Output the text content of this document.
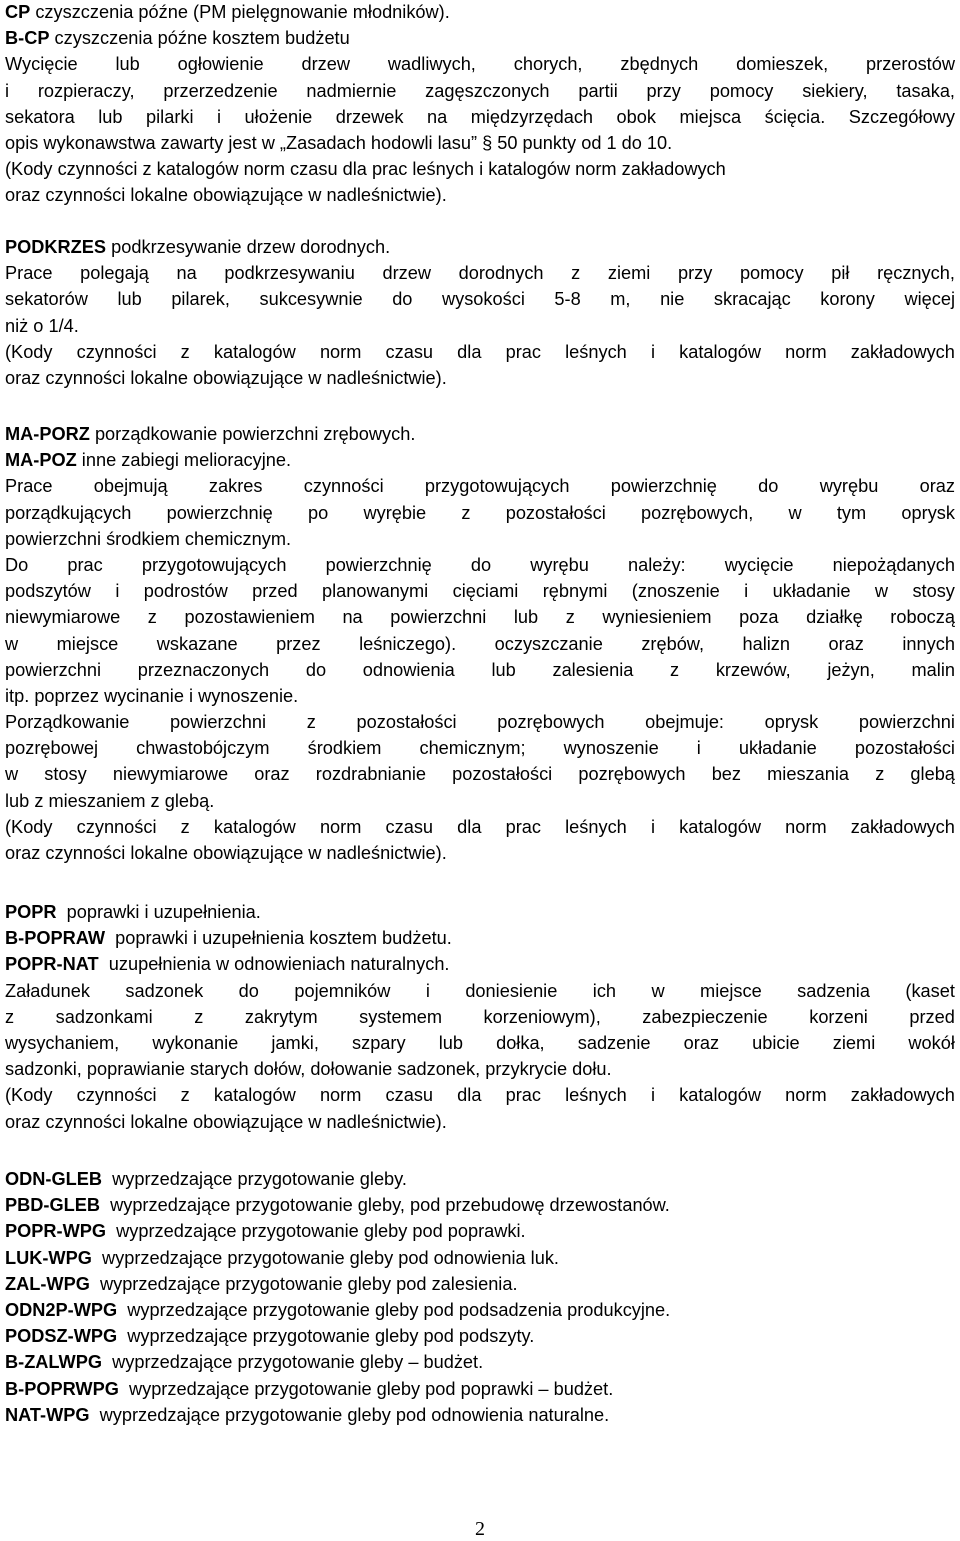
CP czyszczenia późne (PM pielęgnowanie młodników).
B-CP czyszczenia późne kosztem budżetu
Wycięcie lub ogłowienie drzew wadliwych, chorych, zbędnych domieszek, przerostów
i rozpieraczy, przerzedzenie nadmiernie zagęszczonych partii przy pomocy siekiery, tasaka,
sekatora lub pilarki i ułożenie drzewek na międzyrzędach obok miejsca ścięcia. Szczegółowy
opis wykonawstwa zawarty jest w „Zasadach hodowli lasu” § 50 punkty od 1 do 10.
(Kody czynności z katalogów norm czasu dla prac leśnych i katalogów norm zakładowych
oraz czynności lokalne obowiązujące w nadleśnictwie).
PODKRZES podkrzesywanie drzew dorodnych.
Prace polegają na podkrzesywaniu drzew dorodnych z ziemi przy pomocy pił ręcznych,
sekatorów lub pilarek, sukcesywnie do wysokości 5-8 m, nie skracając korony więcej
niż o 1/4.
(Kody czynności z katalogów norm czasu dla prac leśnych i katalogów norm zakładowych
oraz czynności lokalne obowiązujące w nadleśnictwie).
MA-PORZ porządkowanie powierzchni zrębowych.
MA-POZ inne zabiegi melioracyjne.
Prace obejmują zakres czynności przygotowujących powierzchnię do wyrębu oraz
porządkujących powierzchnię po wyrębie z pozostałości pozrębowych, w tym oprysk
powierzchni środkiem chemicznym.
Do prac przygotowujących powierzchnię do wyrębu należy: wycięcie niepożądanych
podszytów i podrostów przed planowanymi cięciami rębnymi (znoszenie i układanie w stosy
niewymiarowe z pozostawieniem na powierzchni lub z wyniesieniem poza działkę roboczą
w miejsce wskazane przez leśniczego). oczyszczanie zrębów, halizn oraz innych
powierzchni przeznaczonych do odnowienia lub zalesienia z krzewów, jeżyn, malin
itp. poprzez wycinanie i wynoszenie.
Porządkowanie powierzchni z pozostałości pozrębowych obejmuje: oprysk powierzchni
pozrębowej chwastobójczym środkiem chemicznym; wynoszenie i układanie pozostałości
w stosy niewymiarowe oraz rozdrabnianie pozostałości pozrębowych bez mieszania z glebą
lub z mieszaniem z glebą.
(Kody czynności z katalogów norm czasu dla prac leśnych i katalogów norm zakładowych
oraz czynności lokalne obowiązujące w nadleśnictwie).
POPR poprawki i uzupełnienia.
B-POPRAW poprawki i uzupełnienia kosztem budżetu.
POPR-NAT uzupełnienia w odnowieniach naturalnych.
Załadunek sadzonek do pojemników i doniesienie ich w miejsce sadzenia (kaset
z sadzonkami z zakrytym systemem korzeniowym), zabezpieczenie korzeni przed
wysychaniem, wykonanie jamki, szpary lub dołka, sadzenie oraz ubicie ziemi wokół
sadzonki, poprawianie starych dołów, dołowanie sadzonek, przykrycie dołu.
(Kody czynności z katalogów norm czasu dla prac leśnych i katalogów norm zakładowych
oraz czynności lokalne obowiązujące w nadleśnictwie).
ODN-GLEB wyprzedzające przygotowanie gleby.
PBD-GLEB wyprzedzające przygotowanie gleby, pod przebudowę drzewostanów.
POPR-WPG wyprzedzające przygotowanie gleby pod poprawki.
LUK-WPG wyprzedzające przygotowanie gleby pod odnowienia luk.
ZAL-WPG wyprzedzające przygotowanie gleby pod zalesienia.
ODN2P-WPG wyprzedzające przygotowanie gleby pod podsadzenia produkcyjne.
PODSZ-WPG wyprzedzające przygotowanie gleby pod podszyty.
B-ZALWPG wyprzedzające przygotowanie gleby – budżet.
B-POPRWPG wyprzedzające przygotowanie gleby pod poprawki – budżet.
NAT-WPG wyprzedzające przygotowanie gleby pod odnowienia naturalne.
2
